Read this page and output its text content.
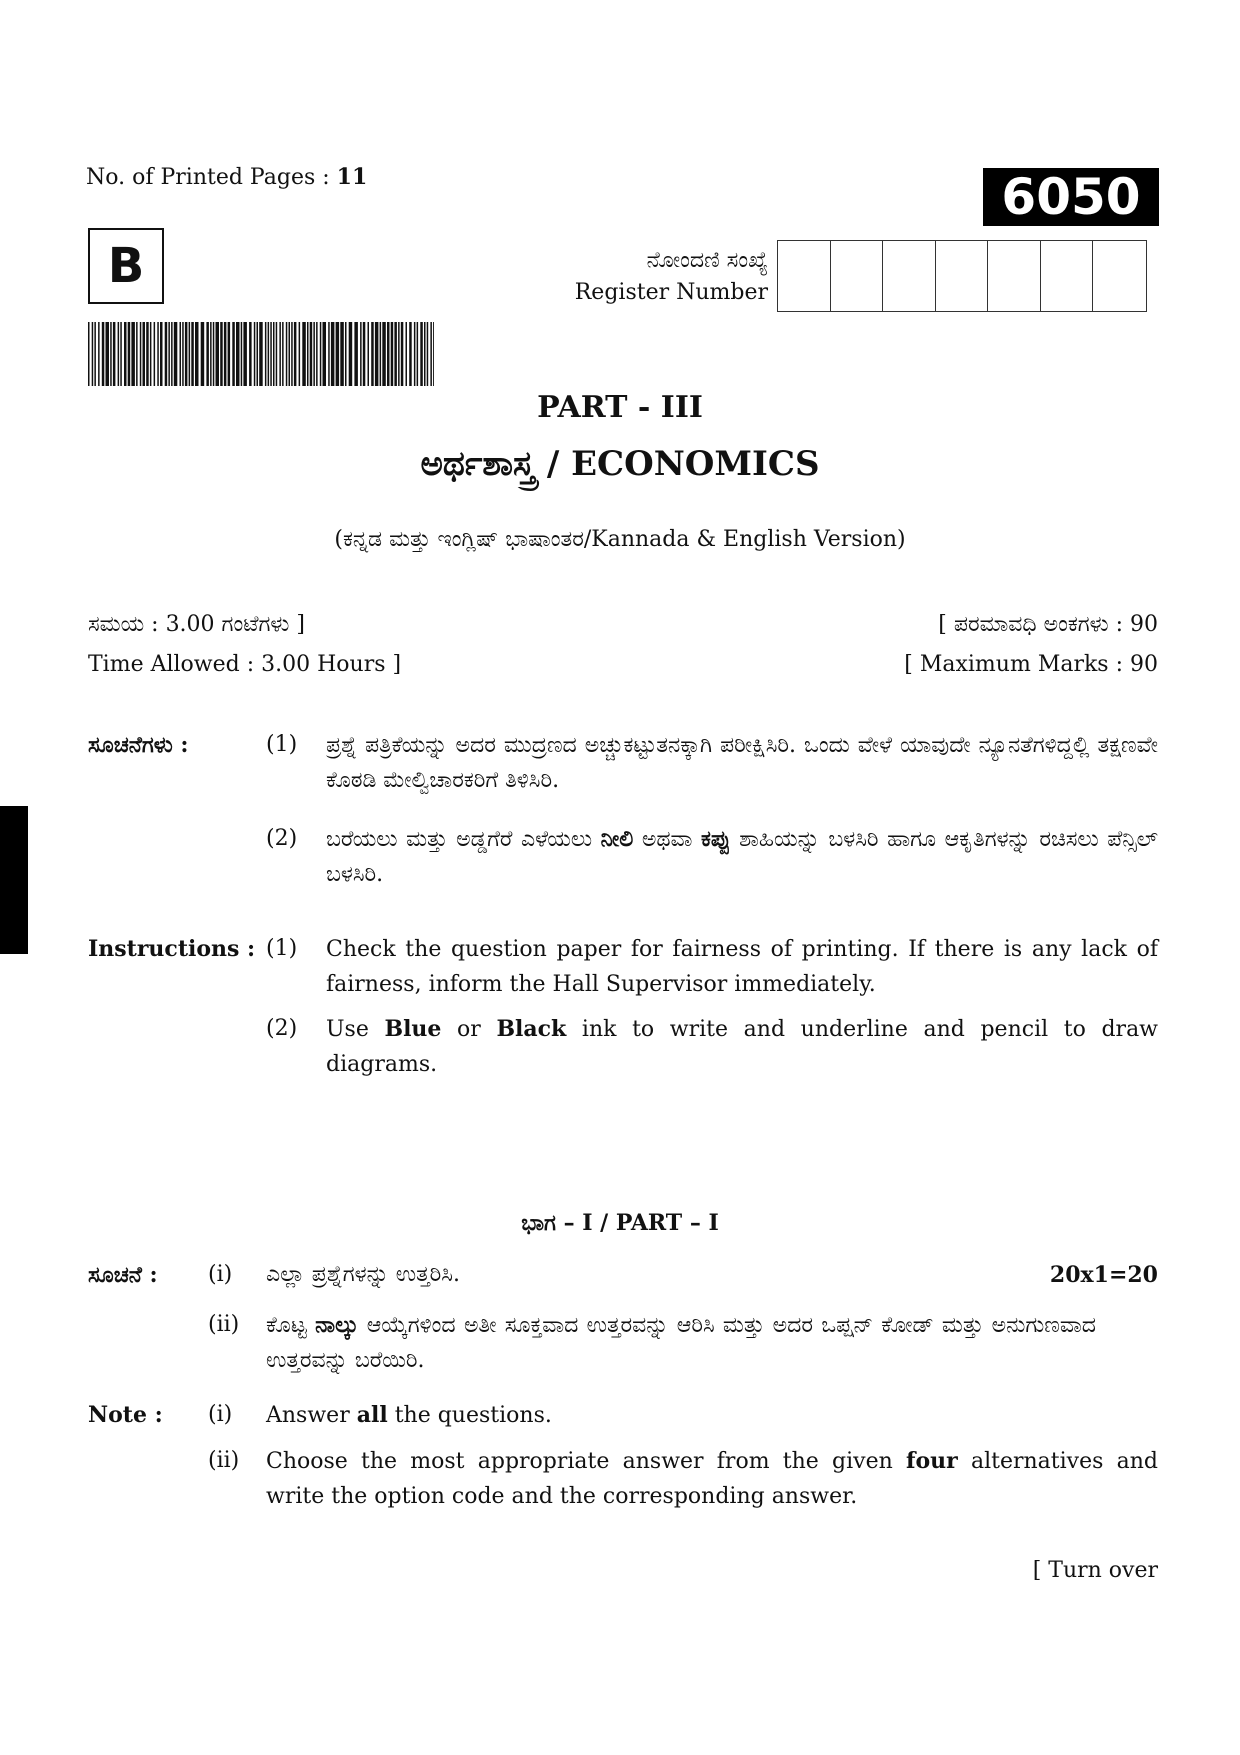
No. of Printed Pages : 11	6050
B	ನೋಂದಣಿ ಸಂಖ್ಯೆ
Register Number
PART - III
ಅರ್ಥಶಾಸ್ತ್ರ / ECONOMICS
(ಕನ್ನಡ ಮತ್ತು ಇಂಗ್ಲಿಷ್ ಭಾಷಾಂತರ/Kannada & English Version)
ಸಮಯ : 3.00 ಗಂಟೆಗಳು ]
Time Allowed : 3.00 Hours ]
[ ಪರಮಾವಧಿ ಅಂಕಗಳು : 90
[ Maximum Marks : 90
ಸೂಚನೆಗಳು :	(1) ಪ್ರಶ್ನೆ ಪತ್ರಿಕೆಯನ್ನು ಅದರ ಮುದ್ರಣದ ಅಚ್ಚುಕಟ್ಟುತನಕ್ಕಾಗಿ ಪರೀಕ್ಷಿಸಿರಿ. ಒಂದು ವೇಳೆ ಯಾವುದೇ ನ್ಯೂನತೆಗಳಿದ್ದಲ್ಲಿ ತಕ್ಷಣವೇ ಕೊಠಡಿ ಮೇಲ್ವಿಚಾರಕರಿಗೆ ತಿಳಿಸಿರಿ.
(2) ಬರೆಯಲು ಮತ್ತು ಅಡ್ಡಗೆರೆ ಎಳೆಯಲು ನೀಲಿ ಅಥವಾ ಕಪ್ಪು ಶಾಹಿಯನ್ನು ಬಳಸಿರಿ ಹಾಗೂ ಆಕೃತಿಗಳನ್ನು ರಚಿಸಲು ಪೆನ್ಸಿಲ್ ಬಳಸಿರಿ.
Instructions : (1) Check the question paper for fairness of printing. If there is any lack of fairness, inform the Hall Supervisor immediately.
(2) Use Blue or Black ink to write and underline and pencil to draw diagrams.
ಭಾಗ – I / PART – I
ಸೂಚನೆ : (i) ಎಲ್ಲಾ ಪ್ರಶ್ನೆಗಳನ್ನು ಉತ್ತರಿಸಿ.	20x1=20
(ii) ಕೊಟ್ಟ ನಾಲ್ಕು ಆಯ್ಕೆಗಳಿಂದ ಅತೀ ಸೂಕ್ತವಾದ ಉತ್ತರವನ್ನು ಆರಿಸಿ ಮತ್ತು ಅದರ ಒಪ್ಷನ್ ಕೋಡ್ ಮತ್ತು ಅನುಗುಣವಾದ ಉತ್ತರವನ್ನು ಬರೆಯಿರಿ.
Note : (i) Answer all the questions.
(ii) Choose the most appropriate answer from the given four alternatives and write the option code and the corresponding answer.
[ Turn over
